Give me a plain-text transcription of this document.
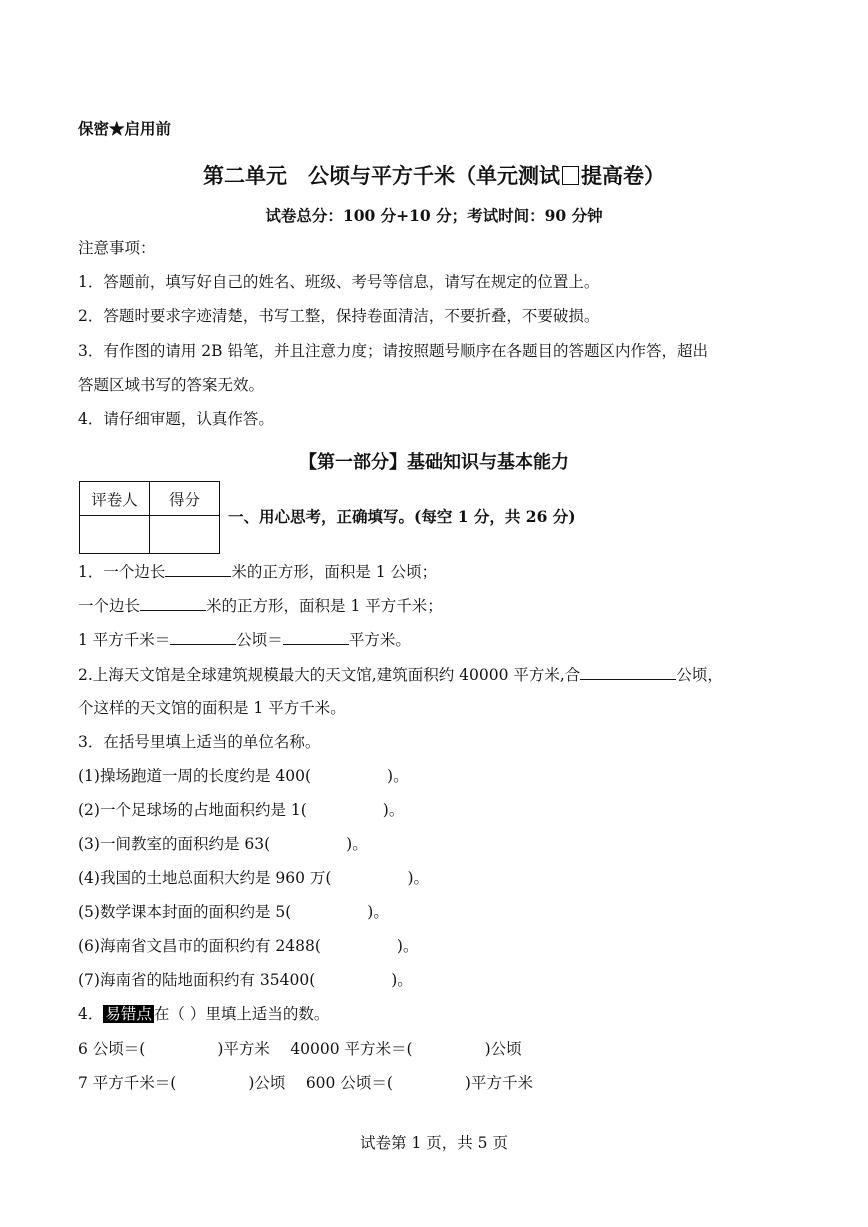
保密★启用前
第二单元　公顷与平方千米（单元测试 提高卷）
试卷总分：100 分+10 分；考试时间：90 分钟
注意事项：
1．答题前，填写好自己的姓名、班级、考号等信息，请写在规定的位置上。
2．答题时要求字迹清楚，书写工整，保持卷面清洁，不要折叠，不要破损。
3．有作图的请用 2B 铅笔，并且注意力度；请按照题号顺序在各题目的答题区内作答，超出
答题区域书写的答案无效。
4．请仔细审题，认真作答。
【第一部分】基础知识与基本能力
评卷人	得分

一、用心思考，正确填写。(每空 1 分，共 26 分)
1．一个边长	米的正方形，面积是 1 公顷；
一个边长	米的正方形，面积是 1 平方千米；
1 平方千米＝	公顷＝	平方米。
2.上海天文馆是全球建筑规模最大的天文馆,建筑面积约 40000 平方米,合	公顷，
个这样的天文馆的面积是 1 平方千米。
3．在括号里填上适当的单位名称。
(1)操场跑道一周的长度约是 400(	)。
(2)一个足球场的占地面积约是 1(	)。
(3)一间教室的面积约是 63(	)。
(4)我国的土地总面积大约是 960 万(	)。
(5)数学课本封面的面积约是 5(	)。
(6)海南省文昌市的面积约有 2488(	)。
(7)海南省的陆地面积约有 35400(	)。
4． 易错点 在（ ）里填上适当的数。
6 公顷＝(	)平方米　 40000 平方米＝(	)公顷
7 平方千米＝(	)公顷　 600 公顷＝(	)平方千米
试卷第 1 页，共 5 页
